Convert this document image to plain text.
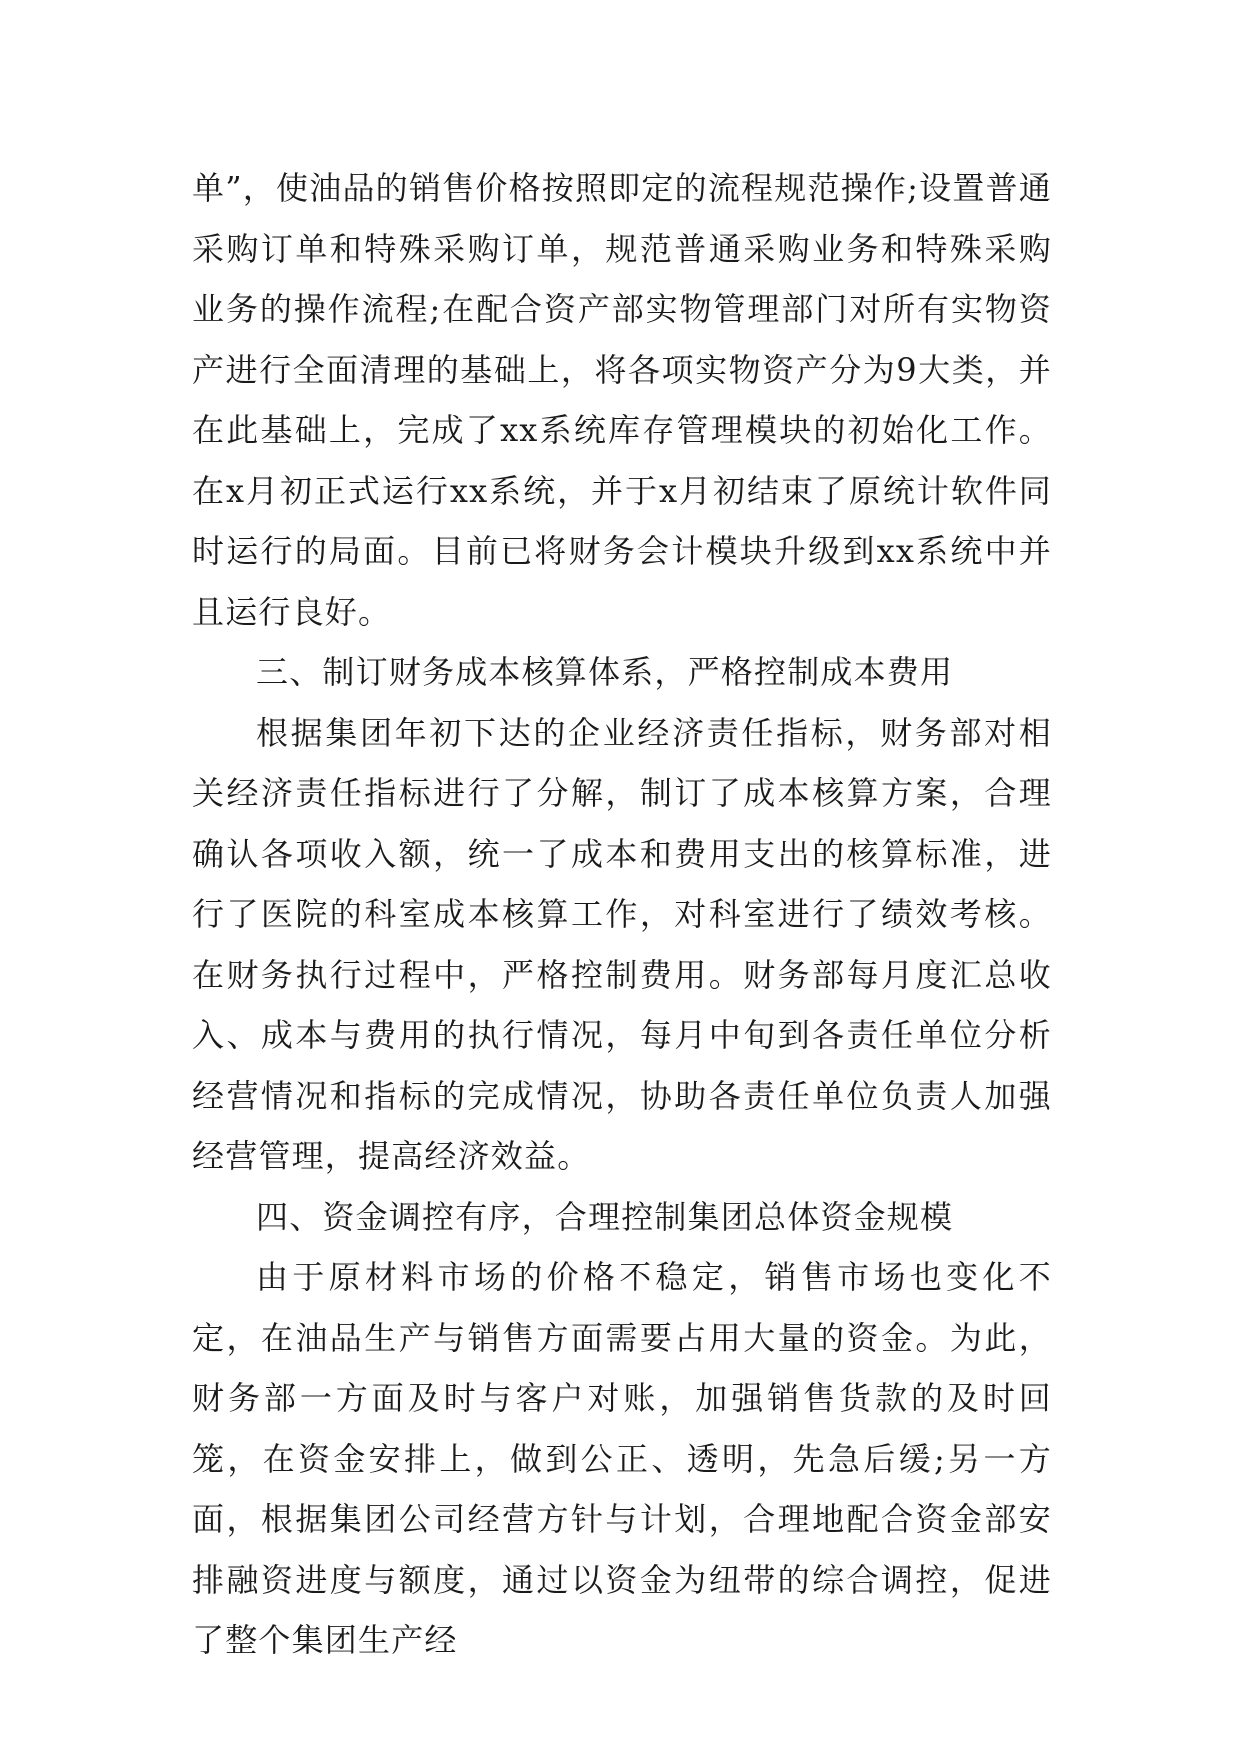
单”，使油品的销售价格按照即定的流程规范操作;设置普通采购订单和特殊采购订单，规范普通采购业务和特殊采购业务的操作流程;在配合资产部实物管理部门对所有实物资产进行全面清理的基础上，将各项实物资产分为9大类，并在此基础上，完成了xx系统库存管理模块的初始化工作。在x月初正式运行xx系统，并于x月初结束了原统计软件同时运行的局面。目前已将财务会计模块升级到xx系统中并且运行良好。

三、制订财务成本核算体系，严格控制成本费用

根据集团年初下达的企业经济责任指标，财务部对相关经济责任指标进行了分解，制订了成本核算方案，合理确认各项收入额，统一了成本和费用支出的核算标准，进行了医院的科室成本核算工作，对科室进行了绩效考核。在财务执行过程中，严格控制费用。财务部每月度汇总收入、成本与费用的执行情况，每月中旬到各责任单位分析经营情况和指标的完成情况，协助各责任单位负责人加强经营管理，提高经济效益。

四、资金调控有序，合理控制集团总体资金规模

由于原材料市场的价格不稳定，销售市场也变化不定，在油品生产与销售方面需要占用大量的资金。为此，财务部一方面及时与客户对账，加强销售货款的及时回笼，在资金安排上，做到公正、透明，先急后缓;另一方面，根据集团公司经营方针与计划，合理地配合资金部安排融资进度与额度，通过以资金为纽带的综合调控，促进了整个集团生产经
